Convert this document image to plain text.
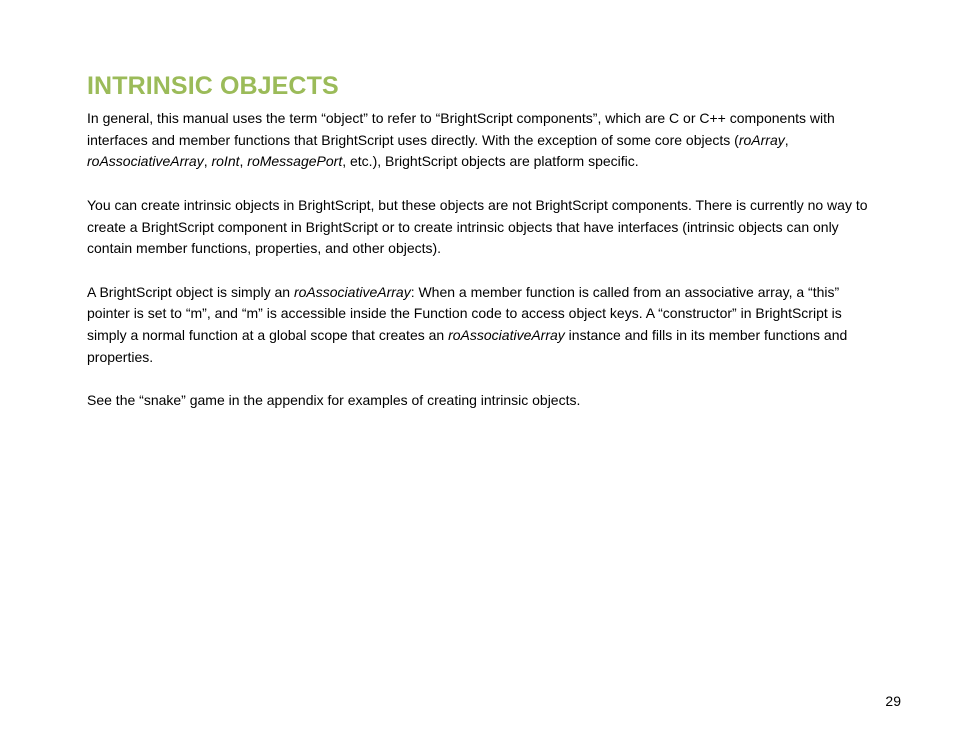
INTRINSIC OBJECTS

In general, this manual uses the term “object” to refer to “BrightScript components”, which are C or C++ components with interfaces and member functions that BrightScript uses directly. With the exception of some core objects (roArray, roAssociativeArray, roInt, roMessagePort, etc.), BrightScript objects are platform specific.

You can create intrinsic objects in BrightScript, but these objects are not BrightScript components. There is currently no way to create a BrightScript component in BrightScript or to create intrinsic objects that have interfaces (intrinsic objects can only contain member functions, properties, and other objects).

A BrightScript object is simply an roAssociativeArray: When a member function is called from an associative array, a “this” pointer is set to “m”, and “m” is accessible inside the Function code to access object keys. A “constructor” in BrightScript is simply a normal function at a global scope that creates an roAssociativeArray instance and fills in its member functions and properties.

See the “snake” game in the appendix for examples of creating intrinsic objects.

29
